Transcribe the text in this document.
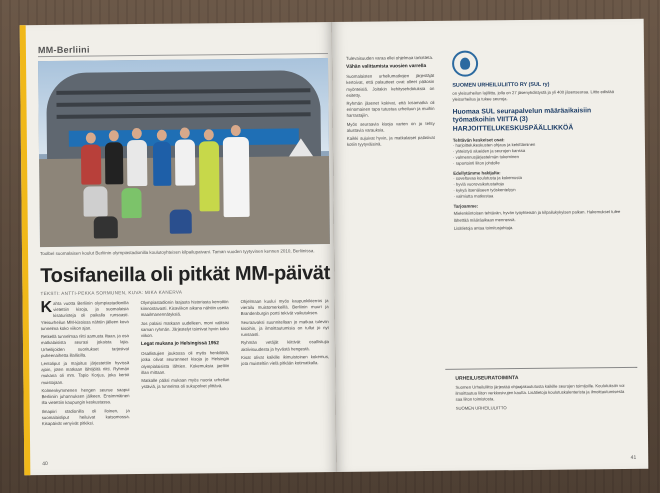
MM-Berliini
Toolbel suomalaisen koulut Berliinin olympiastadionilla koulutoyhteisen kilpailupaivani. Taman vuoden tyytyvinen kennen 2010, Berliinissa.
Tosifaneilla oli pitkät MM-päivät
TEKSTI: ANTTI-PEKKA SORMUNEN, KUVA: MIKA KANERVA

Kahta vuotta Berliinin olympiastadionilla vietettiin kisoja, ja suomalaisia kisaturisteja oli paikalla runsaasti. Yleisurheilun MM-kisoissa nähtiin jälleen kova tunnelma koko viikon ajan.

Retkellä tunnelmaa riitti aamusta iltaan, ja osa matkalaisista seurasi jokaista lajia. Urheilijoiden suoritukset tarjosivat puheenaihetta illallisilla.

Lentoliput ja majoitus järjestettiin hyvissä ajoin, joten matkaan lähtijöitä riitti. Ryhmän mukana oli mm. Tapio Korjus, joka kertoi muistojaan.

Kolmenkymmenen hengen seurue saapui Berliiniin juhannuksen jälkeen. Ensimmäinen ilta vietettiin kaupungin keskustassa.

Ilmapiiri stadionilla oli iloinen, ja suomalaisliput heiluivat katsomossa. Kisapäivät venyivät pitkiksi.

Olympiastadionin laajasta historiasta kerrottiin kiinnostavasti. Kisaviikon aikana nähtiin useita maailmanennätyksiä.

Jos palaisi matkaan uudelleen, moni valitsisi saman ryhmän. Järjestelyt toimivat hyvin koko viikon.

Legat mukana jo Helsingissä 1952

Osallistujien joukossa oli myös henkilöitä, jotka olivat seuranneet kisoja jo Helsingin olympialaisista lähtien. Kokemuksia jaettiin illan mittaan.

Matkalle pääsi mukaan myös nuoria urheilun ystäviä, ja tunnelma oli sukupolvet ylittävä.

Ohjelmaan kuului myös kaupunkikierros ja vierailu muistomerkeillä. Berliinin muuri ja Brandenburgin portti tekivät vaikutuksen.

Seuraavaksi suunnitellaan jo matkaa tuleviin kisoihin, ja ilmoittautumisia on tullut jo nyt runsaasti.

Ryhmän vetäjät kiittivät osallistujia aktiivisuudesta ja hyvästä hengestä.

Kisat olivat kaikille ikimuistoinen kokemus, jota muisteltiin vielä pitkään kotimatkalla.

40

Tulevaisuuden varaa ellei ohjelmaa tarkisteta.

Vähän valittamista vuosien varrella

Suomalaisten urheilumatkojen järjestäjät kertoivat, että palautteet ovat olleet pääosin myönteisiä. Joitakin kehitysehdotuksia on esitetty.

Ryhmän jäsenet kokivat, että kisamatka oli erinomainen tapa tutustua urheiluun ja muihin harrastajiin.

Myös seuraavia kisoja varten on jo tehty alustavia varauksia.

Kaikki sujuivat hyvin, ja matkalaiset palasivat kotiin tyytyväisinä.

SUOMEN URHEILULIITTO RY (SUL ry)
on yleisurheilun lajiliitto, jolla on 27 jäsenyhdistystä ja yli 400 jäsenseuraa. Liitto edistää yleisurheilua ja tukee seuroja.
Huomaa SUL seurapalvelun määräaikaisiin työmatkoihin VIITTA (3) HARJOITTELUKESKUSPÄÄLLIKKÖÄ
Tehtävän keskeiset osat:
· harjoittelukeskusten ohjaus ja kehittäminen
· yhteistyö alueiden ja seurojen kanssa
· valmennusjärjestelmän tukeminen
· raportointi liiton johdolle
Edellytämme hakijalta:
· soveltuvaa koulutusta ja kokemusta
· hyviä vuorovaikutustaitoja
· kykyä itsenäiseen työskentelyyn
· valmiutta matkustaa
Tarjoamme:
Mielenkiintoisen tehtävän, hyvän työyhteisön ja kilpailukykyisen palkan. Hakemukset tulee lähettää määräaikaan mennessä.
Lisätietoja antaa toimitusjohtaja.
URHEILUSEURATOIMINTA
Suomen Urheiluliitto järjestää ohjaajakoulutusta kaikille seurojen toimijoille. Koulutuksiin voi ilmoittautua liiton verkkosivujen kautta. Lisätietoja koulutuskalenterista ja ilmoittautumisesta saa liiton toimistosta.
SUOMEN URHEILULIITTO
41
